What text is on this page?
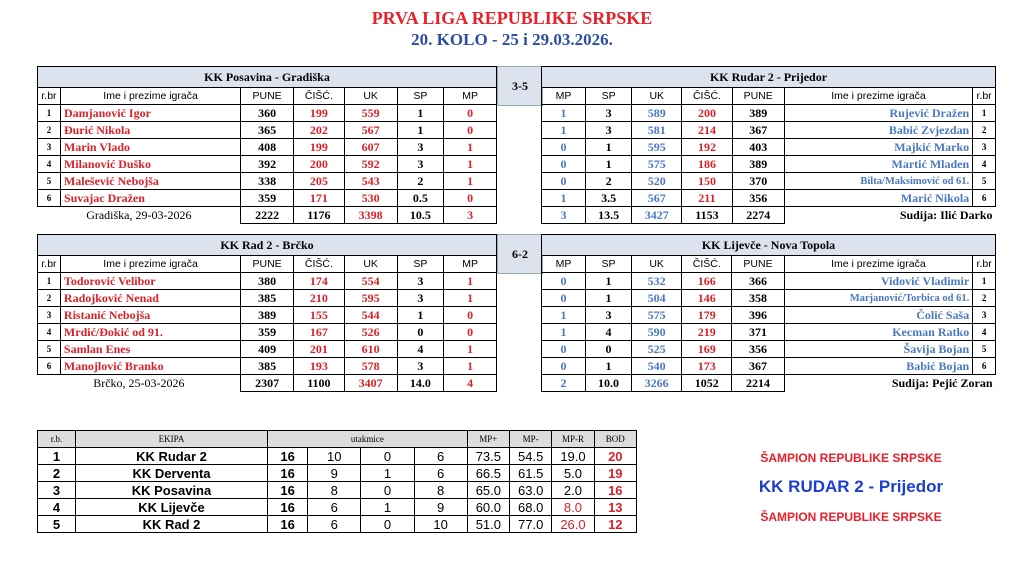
PRVA LIGA REPUBLIKE SRPSKE
20. KOLO - 25 i 29.03.2026.
KK Posavina - Gradiška						
r.br	Ime i prezime igrača	PUNE	ČIŠĆ.	UK	SP	MP
1	Damjanović Igor	360	199	559	1	0
2	Đurić Nikola	365	202	567	1	0
3	Marin Vlado	408	199	607	3	1
4	Milanović Duško	392	200	592	3	1
5	Malešević Nebojša	338	205	543	2	1
6	Suvajac Dražen	359	171	530	0.5	0
Gradiška, 29-03-2026		2222	1176	3398	10.5	3
3-5
KK Rudar 2 - Prijedor						
MP	SP	UK	ČIŠĆ.	PUNE	Ime i prezime igrača	r.br
1	3	589	200	389	Rujević Dražen	1
1	3	581	214	367	Babić Zvjezdan	2
0	1	595	192	403	Majkić Marko	3
0	1	575	186	389	Martić Mladen	4
0	2	520	150	370	Bilta/Maksimović od 61.	5
1	3.5	567	211	356	Marić Nikola	6
3	13.5	3427	1153	2274	Sudija: Ilić Darko	
KK Rad 2 - Brčko						
r.br	Ime i prezime igrača	PUNE	ČIŠĆ.	UK	SP	MP
1	Todorović Velibor	380	174	554	3	1
2	Radojković Nenad	385	210	595	3	1
3	Ristanić Nebojša	389	155	544	1	0
4	Mrdić/Đokić od 91.	359	167	526	0	0
5	Samlan Enes	409	201	610	4	1
6	Manojlović Branko	385	193	578	3	1
Brčko, 25-03-2026		2307	1100	3407	14.0	4
6-2
KK Lijevče - Nova Topola						
MP	SP	UK	ČIŠĆ.	PUNE	Ime i prezime igrača	r.br
0	1	532	166	366	Vidović Vladimir	1
0	1	504	146	358	Marjanović/Torbica od 61.	2
1	3	575	179	396	Čolić Saša	3
1	4	590	219	371	Kecman Ratko	4
0	0	525	169	356	Šavija Bojan	5
0	1	540	173	367	Babić Bojan	6
2	10.0	3266	1052	2214	Sudija: Pejić Zoran	
r.b.	EKIPA	utakmice				MP+	MP-	MP-R	BOD
1	KK Rudar 2	16	10	0	6	73.5	54.5	19.0	20
2	KK Derventa	16	9	1	6	66.5	61.5	5.0	19
3	KK Posavina	16	8	0	8	65.0	63.0	2.0	16
4	KK Lijevče	16	6	1	9	60.0	68.0	8.0	13
5	KK Rad 2	16	6	0	10	51.0	77.0	26.0	12
ŠAMPION REPUBLIKE SRPSKE
KK RUDAR 2 - Prijedor
ŠAMPION REPUBLIKE SRPSKE
